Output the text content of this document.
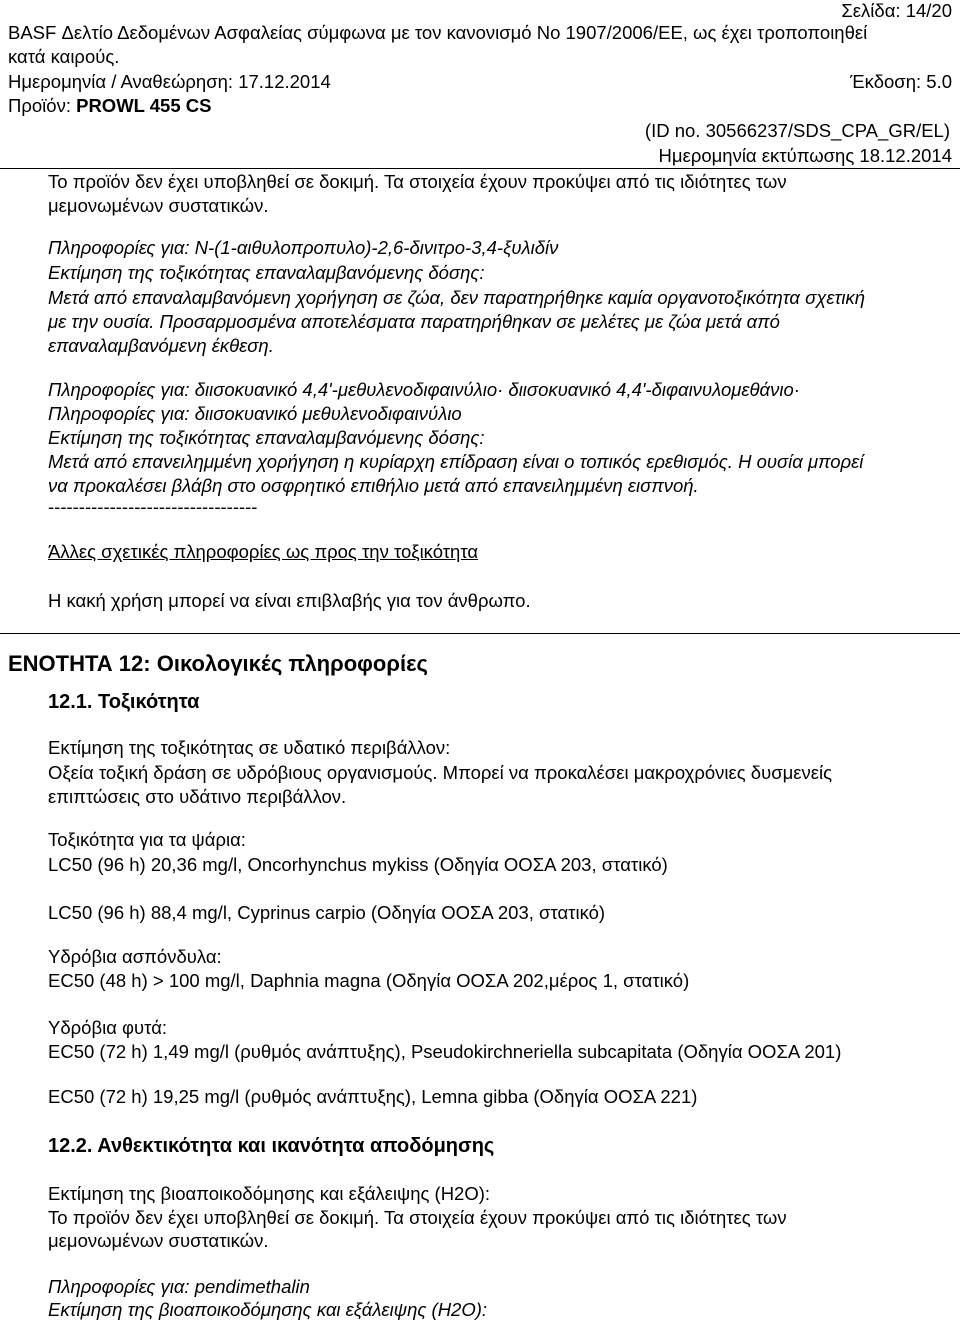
Σελίδα: 14/20
BASF Δελτίο Δεδομένων Ασφαλείας σύμφωνα με τον κανονισμό Νο 1907/2006/ΕΕ, ως έχει τροποποιηθεί
κατά καιρούς.
Ημερομηνία / Αναθεώρηση: 17.12.2014	Έκδοση: 5.0
Προϊόν: PROWL 455 CS
(ID no. 30566237/SDS_CPA_GR/EL)
Ημερομηνία εκτύπωσης 18.12.2014
Το προϊόν δεν έχει υποβληθεί σε δοκιμή. Τα στοιχεία έχουν προκύψει από τις ιδιότητες των
μεμονωμένων συστατικών.
Πληροφορίες για: N-(1-αιθυλοπροπυλο)-2,6-δινιτρο-3,4-ξυλιδίν
Εκτίμηση της τοξικότητας επαναλαμβανόμενης δόσης:
Μετά από επαναλαμβανόμενη χορήγηση σε ζώα, δεν παρατηρήθηκε καμία οργανοτοξικότητα σχετική
με την ουσία. Προσαρμοσμένα αποτελέσματα παρατηρήθηκαν σε μελέτες με ζώα μετά από
επαναλαμβανόμενη έκθεση.
Πληροφορίες για: διισοκυανικό 4,4'-μεθυλενοδιφαινύλιο· διισοκυανικό 4,4'-διφαινυλομεθάνιο·
Πληροφορίες για: διισοκυανικό μεθυλενοδιφαινύλιο
Εκτίμηση της τοξικότητας επαναλαμβανόμενης δόσης:
Μετά από επανειλημμένη χορήγηση η κυρίαρχη επίδραση είναι ο τοπικός ερεθισμός. Η ουσία μπορεί
να προκαλέσει βλάβη στο οσφρητικό επιθήλιο μετά από επανειλημμένη εισπνοή.
----------------------------------
Άλλες σχετικές πληροφορίες ως προς την τοξικότητα
Η κακή χρήση μπορεί να είναι επιβλαβής για τον άνθρωπο.
ΕΝΟΤΗΤΑ 12: Οικολογικές πληροφορίες
12.1. Τοξικότητα
Εκτίμηση της τοξικότητας σε υδατικό περιβάλλον:
Οξεία τοξική δράση σε υδρόβιους οργανισμούς. Μπορεί να προκαλέσει μακροχρόνιες δυσμενείς
επιπτώσεις στο υδάτινο περιβάλλον.
Τοξικότητα για τα ψάρια:
LC50 (96 h) 20,36 mg/l, Oncorhynchus mykiss (Οδηγία ΟΟΣΑ 203, στατικό)
LC50 (96 h) 88,4 mg/l, Cyprinus carpio (Οδηγία ΟΟΣΑ 203, στατικό)
Υδρόβια ασπόνδυλα:
EC50 (48 h) > 100 mg/l, Daphnia magna (Οδηγία ΟΟΣΑ 202,μέρος 1, στατικό)
Υδρόβια φυτά:
EC50 (72 h) 1,49 mg/l (ρυθμός ανάπτυξης), Pseudokirchneriella subcapitata (Οδηγία ΟΟΣΑ 201)
EC50 (72 h) 19,25 mg/l (ρυθμός ανάπτυξης), Lemna gibba (Οδηγία ΟΟΣΑ 221)
12.2. Ανθεκτικότητα και ικανότητα αποδόμησης
Εκτίμηση της βιοαποικοδόμησης και εξάλειψης (H2O):
Το προϊόν δεν έχει υποβληθεί σε δοκιμή. Τα στοιχεία έχουν προκύψει από τις ιδιότητες των
μεμονωμένων συστατικών.
Πληροφορίες για: pendimethalin
Εκτίμηση της βιοαποικοδόμησης και εξάλειψης (H2O):
